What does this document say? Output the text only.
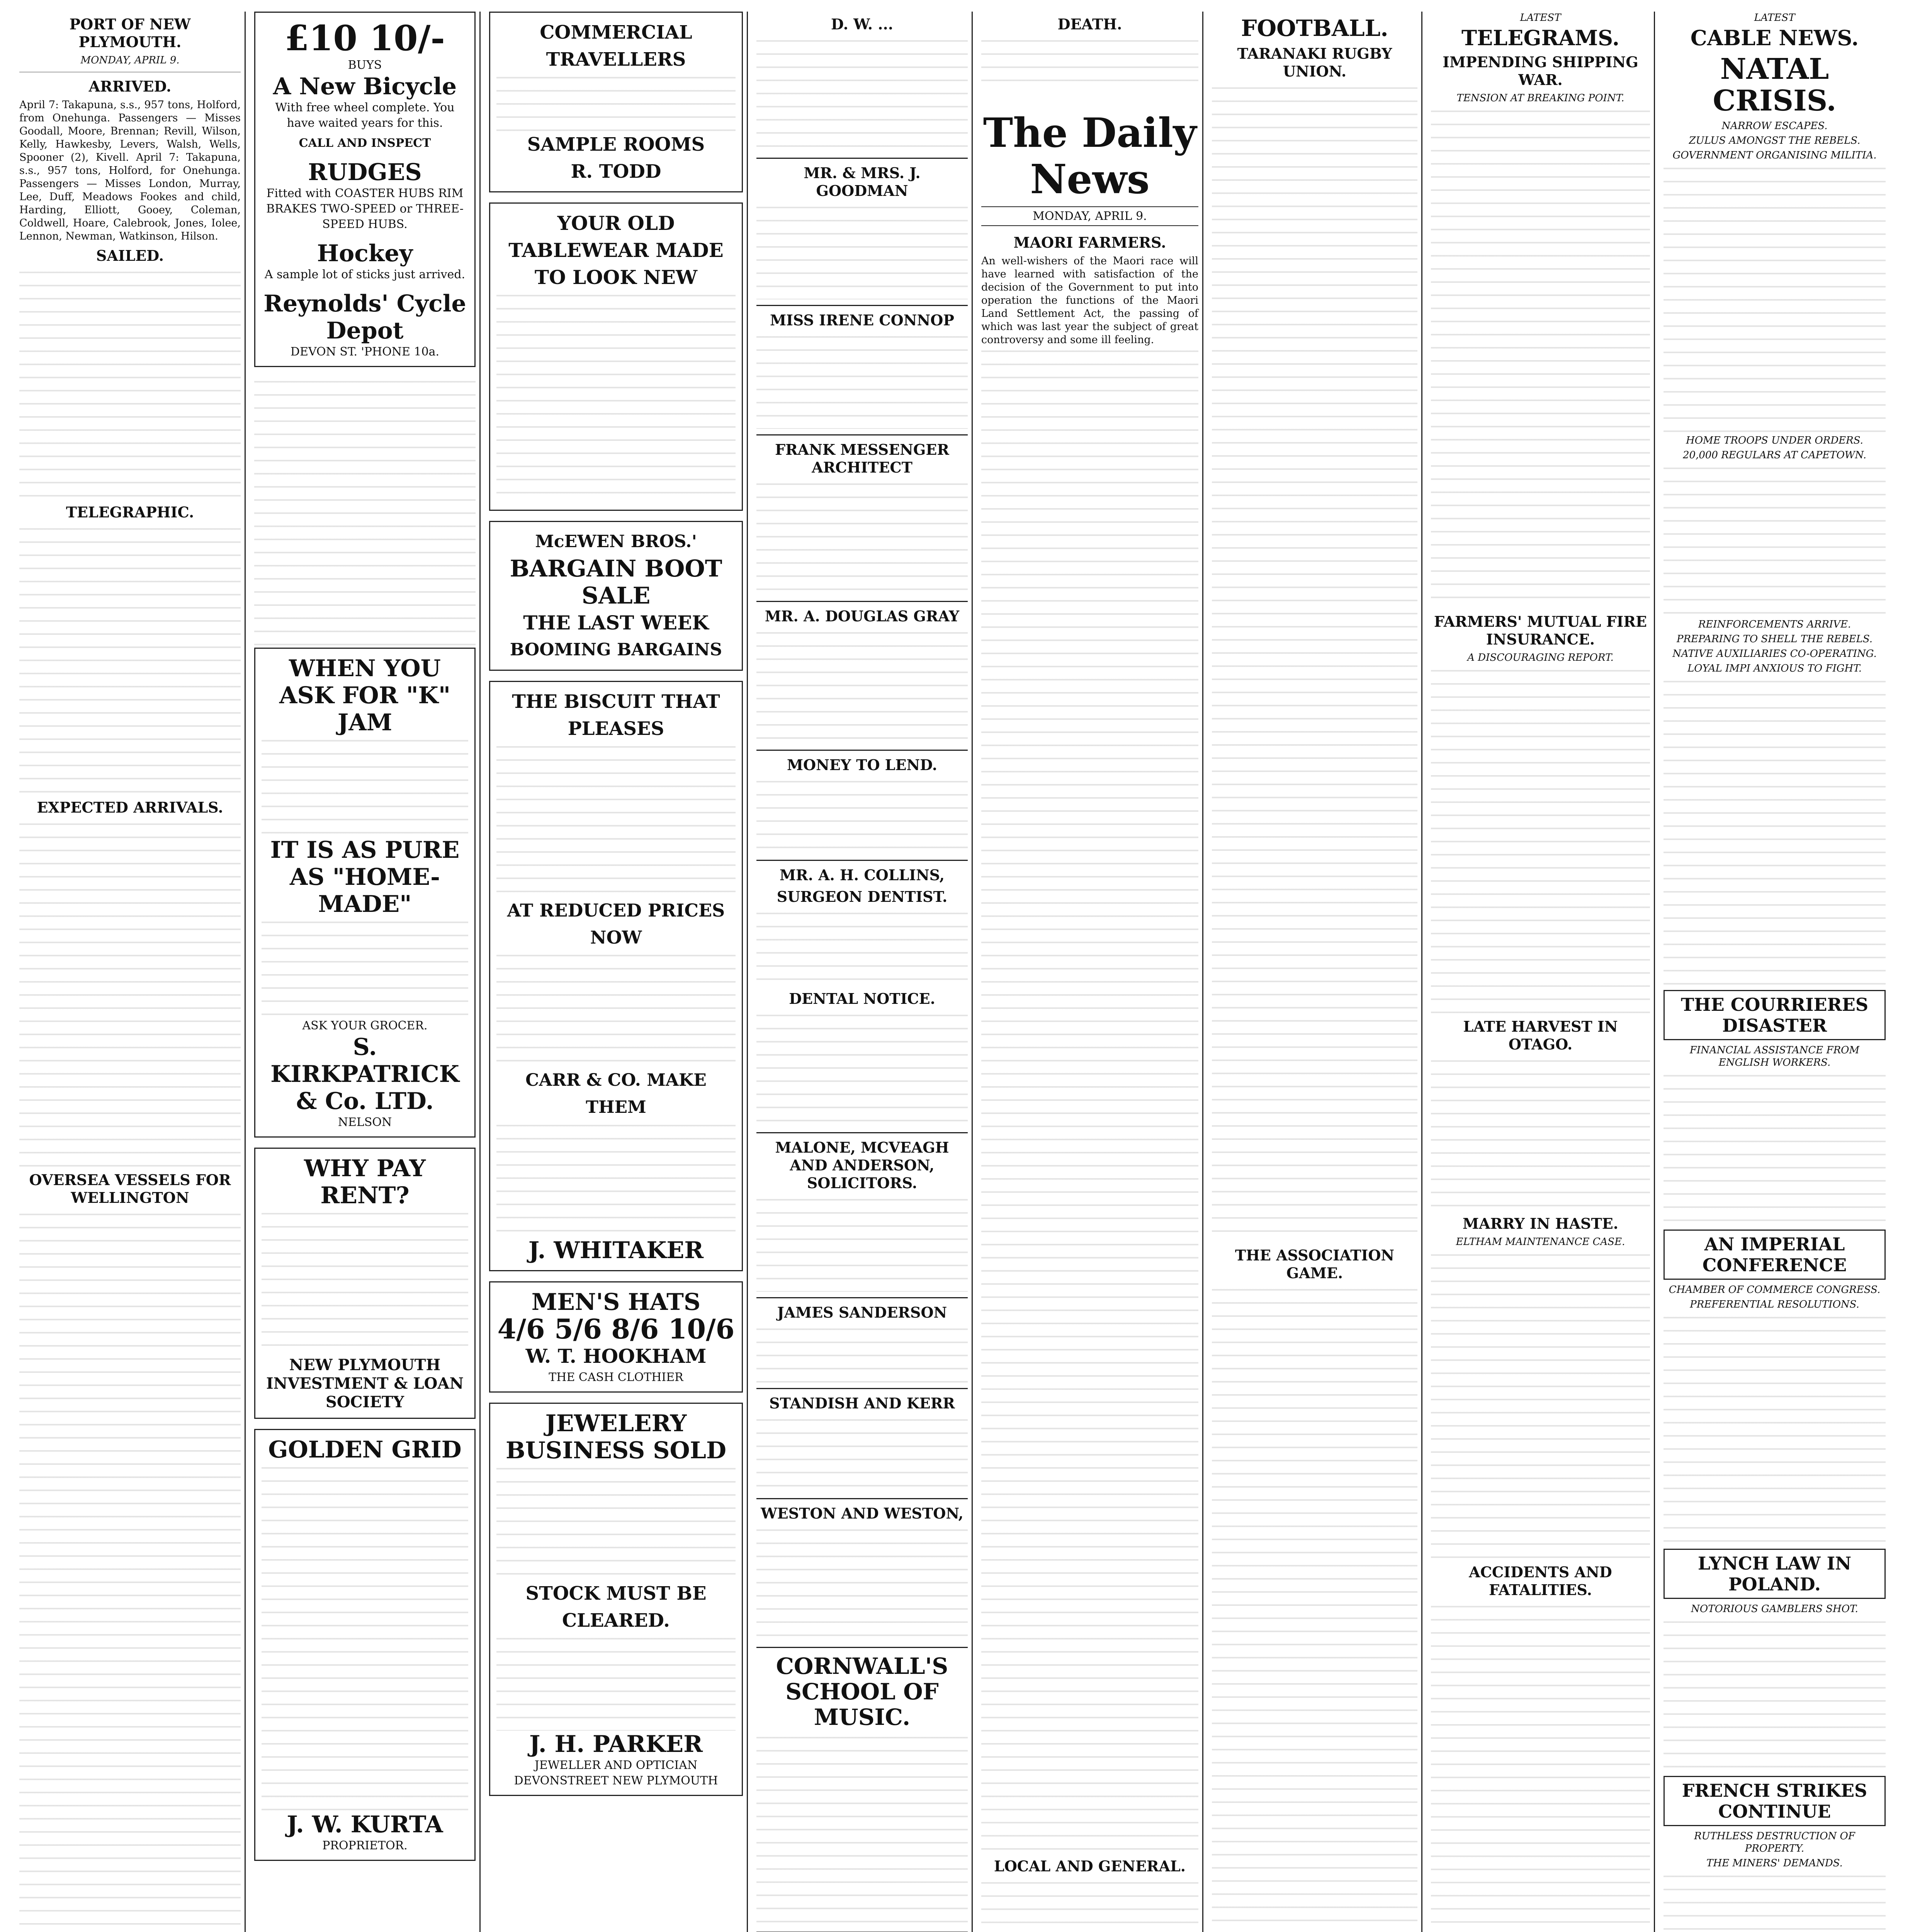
PORT OF NEW PLYMOUTH.
MONDAY, APRIL 9.
ARRIVED.
April 7: Takapuna, s.s., 957 tons, Holford, from Onehunga. Passengers — Misses Goodall, Moore, Brennan; Revill, Wilson, Kelly, Hawkesby, Levers, Walsh, Wells, Spooner (2), Kivell. April 7: Takapuna, s.s., 957 tons, Holford, for Onehunga. Passengers — Misses London, Murray, Lee, Duff, Meadows Fookes and child, Harding, Elliott, Gooey, Coleman, Coldwell, Hoare, Calebrook, Jones, Iolee, Lennon, Newman, Watkinson, Hilson.
SAILED.
TELEGRAPHIC.
EXPECTED ARRIVALS.
OVERSEA VESSELS FOR WELLINGTON
£10 10/-
BUYS
A New Bicycle
With free wheel complete. You have waited years for this.
CALL AND INSPECT
RUDGES
Fitted with COASTER HUBS RIM BRAKES TWO-SPEED or THREE-SPEED HUBS.
Hockey
A sample lot of sticks just arrived.
Reynolds' Cycle Depot
DEVON ST. 'PHONE 10a.
WHEN YOU ASK FOR "K" JAM
IT IS AS PURE AS "HOME-MADE"
ASK YOUR GROCER.
S. KIRKPATRICK & Co. LTD.
NELSON
WHY PAY RENT?
NEW PLYMOUTH INVESTMENT & LOAN SOCIETY
GOLDEN GRID
J. W. KURTA
PROPRIETOR.
COMMERCIAL TRAVELLERS
SAMPLE ROOMS
R. TODD
YOUR OLD TABLEWEAR MADE TO LOOK NEW
McEWEN BROS.'
BARGAIN BOOT SALE
THE LAST WEEK
BOOMING BARGAINS
THE BISCUIT THAT PLEASES
AT REDUCED PRICES NOW
CARR & CO. MAKE THEM
J. WHITAKER
MEN'S HATS
4/6 5/6 8/6 10/6
W. T. HOOKHAM
THE CASH CLOTHIER
JEWELERY BUSINESS SOLD
STOCK MUST BE CLEARED.
J. H. PARKER
JEWELLER AND OPTICIAN
DEVONSTREET NEW PLYMOUTH
D. W. ...
MR. & MRS. J. GOODMAN
MISS IRENE CONNOP
FRANK MESSENGER ARCHITECT
MR. A. DOUGLAS GRAY
MONEY TO LEND.
MR. A. H. COLLINS,
SURGEON DENTIST.
DENTAL NOTICE.
MALONE, MCVEAGH AND ANDERSON, SOLICITORS.
JAMES SANDERSON
STANDISH AND KERR
WESTON AND WESTON,
CORNWALL'S SCHOOL OF MUSIC.
DEATH.
The Daily News
MONDAY, APRIL 9.
MAORI FARMERS.
An well-wishers of the Maori race will have learned with satisfaction of the decision of the Government to put into operation the functions of the Maori Land Settlement Act, the passing of which was last year the subject of great controversy and some ill feeling.
LOCAL AND GENERAL.
FOOTBALL.
TARANAKI RUGBY UNION.
THE ASSOCIATION GAME.
LATEST
TELEGRAMS.
IMPENDING SHIPPING WAR.
TENSION AT BREAKING POINT.
FARMERS' MUTUAL FIRE INSURANCE.
A DISCOURAGING REPORT.
LATE HARVEST IN OTAGO.
MARRY IN HASTE.
ELTHAM MAINTENANCE CASE.
ACCIDENTS AND FATALITIES.
LATEST
CABLE NEWS.
NATAL CRISIS.
NARROW ESCAPES.
ZULUS AMONGST THE REBELS.
GOVERNMENT ORGANISING MILITIA.
HOME TROOPS UNDER ORDERS.
20,000 REGULARS AT CAPETOWN.
REINFORCEMENTS ARRIVE.
PREPARING TO SHELL THE REBELS.
NATIVE AUXILIARIES CO-OPERATING.
LOYAL IMPI ANXIOUS TO FIGHT.
THE COURRIERES DISASTER
FINANCIAL ASSISTANCE FROM ENGLISH WORKERS.
AN IMPERIAL CONFERENCE
CHAMBER OF COMMERCE CONGRESS.
PREFERENTIAL RESOLUTIONS.
LYNCH LAW IN POLAND.
NOTORIOUS GAMBLERS SHOT.
FRENCH STRIKES CONTINUE
RUTHLESS DESTRUCTION OF PROPERTY.
THE MINERS' DEMANDS.
